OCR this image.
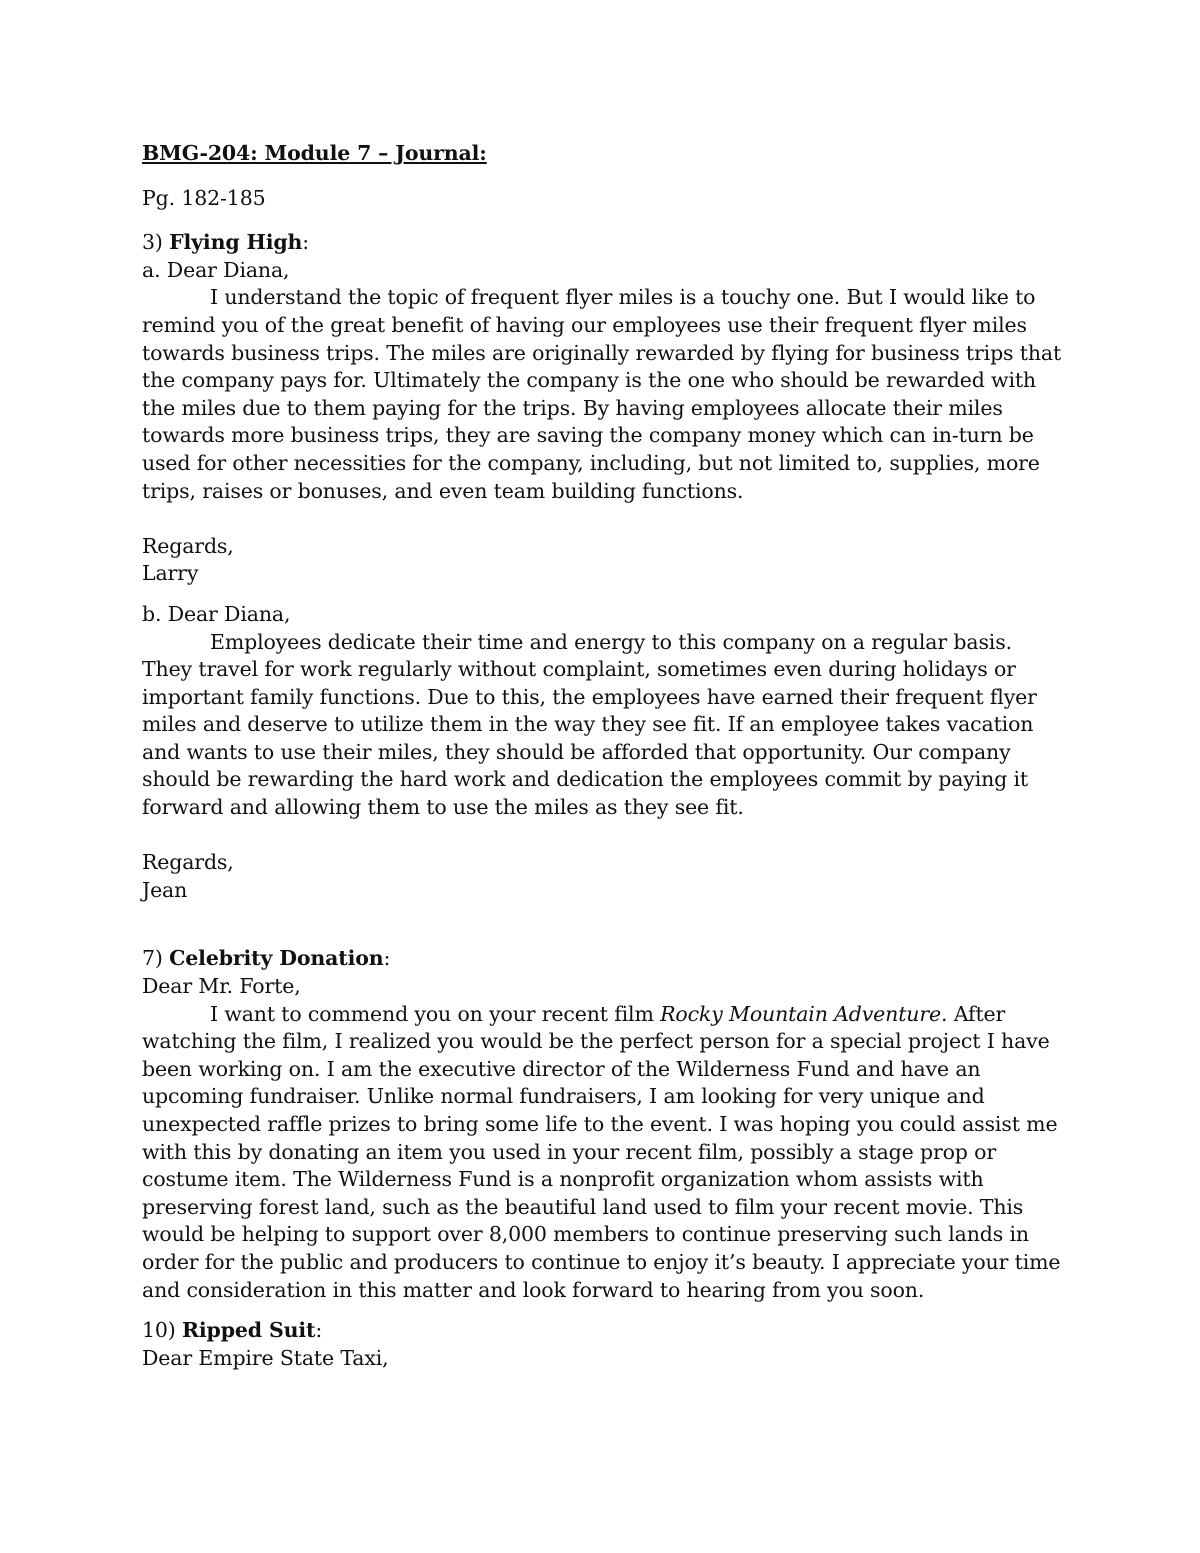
BMG-204: Module 7 – Journal:

Pg. 182-185

3) Flying High:

a. Dear Diana,

I understand the topic of frequent flyer miles is a touchy one. But I would like to remind you of the great benefit of having our employees use their frequent flyer miles towards business trips. The miles are originally rewarded by flying for business trips that the company pays for. Ultimately the company is the one who should be rewarded with the miles due to them paying for the trips. By having employees allocate their miles towards more business trips, they are saving the company money which can in-turn be used for other necessities for the company, including, but not limited to, supplies, more trips, raises or bonuses, and even team building functions.

Regards,

Larry

b. Dear Diana,

Employees dedicate their time and energy to this company on a regular basis. They travel for work regularly without complaint, sometimes even during holidays or important family functions. Due to this, the employees have earned their frequent flyer miles and deserve to utilize them in the way they see fit. If an employee takes vacation and wants to use their miles, they should be afforded that opportunity. Our company should be rewarding the hard work and dedication the employees commit by paying it forward and allowing them to use the miles as they see fit.

Regards,

Jean

7) Celebrity Donation:

Dear Mr. Forte,

I want to commend you on your recent film Rocky Mountain Adventure. After watching the film, I realized you would be the perfect person for a special project I have been working on. I am the executive director of the Wilderness Fund and have an upcoming fundraiser. Unlike normal fundraisers, I am looking for very unique and unexpected raffle prizes to bring some life to the event. I was hoping you could assist me with this by donating an item you used in your recent film, possibly a stage prop or costume item. The Wilderness Fund is a nonprofit organization whom assists with preserving forest land, such as the beautiful land used to film your recent movie. This would be helping to support over 8,000 members to continue preserving such lands in order for the public and producers to continue to enjoy it’s beauty. I appreciate your time and consideration in this matter and look forward to hearing from you soon.

10) Ripped Suit:

Dear Empire State Taxi,
